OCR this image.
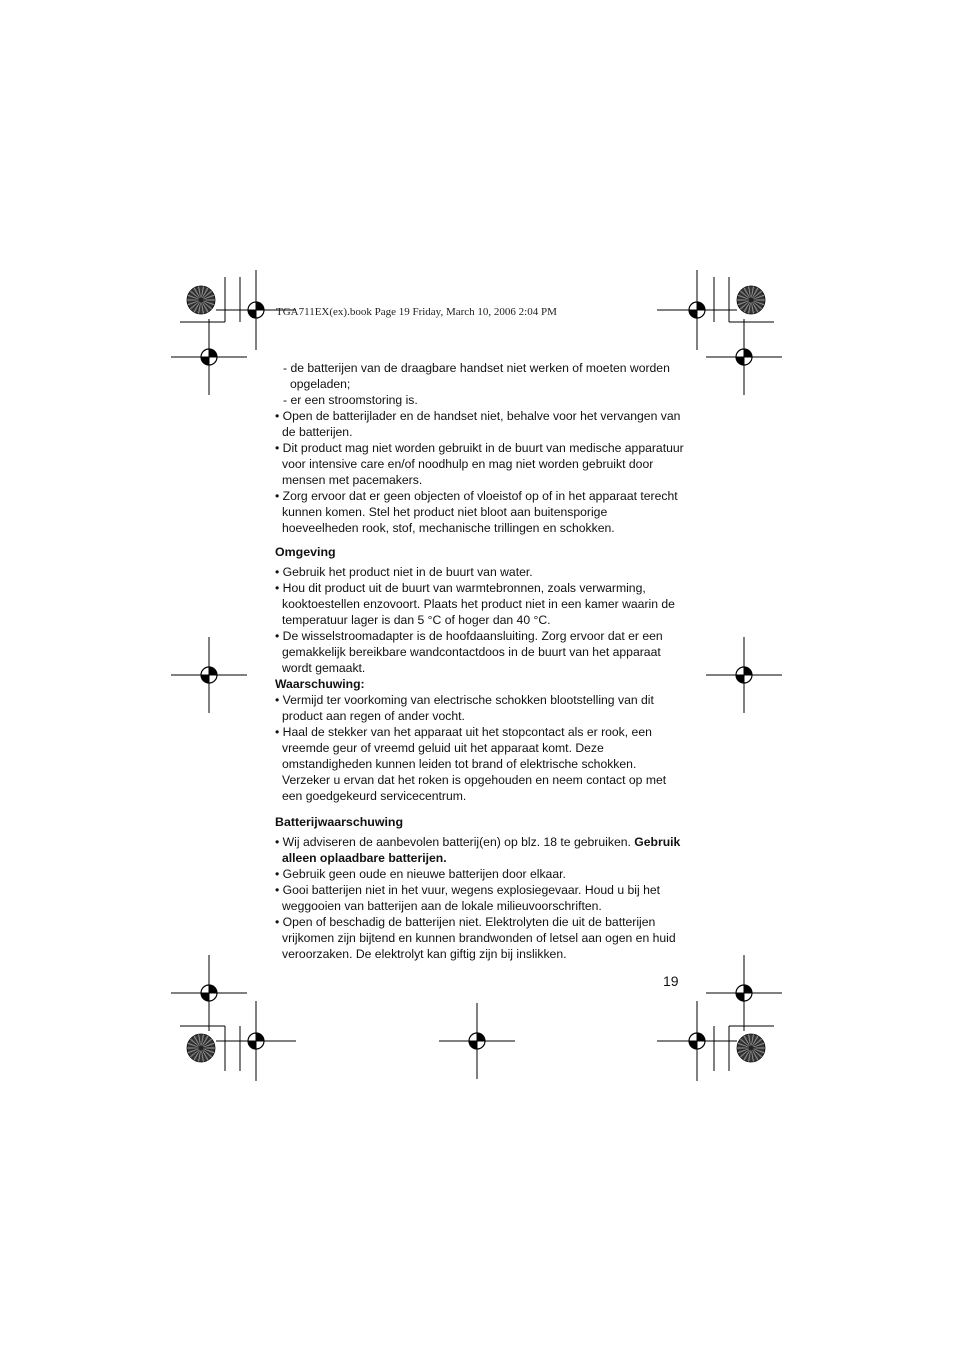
TGA711EX(ex).book Page 19 Friday, March 10, 2006 2:04 PM
- de batterijen van de draagbare handset niet werken of moeten worden opgeladen;
- er een stroomstoring is.
• Open de batterijlader en de handset niet, behalve voor het vervangen van de batterijen.
• Dit product mag niet worden gebruikt in de buurt van medische apparatuur voor intensive care en/of noodhulp en mag niet worden gebruikt door mensen met pacemakers.
• Zorg ervoor dat er geen objecten of vloeistof op of in het apparaat terecht kunnen komen. Stel het product niet bloot aan buitensporige hoeveelheden rook, stof, mechanische trillingen en schokken.
Omgeving
• Gebruik het product niet in de buurt van water.
• Hou dit product uit de buurt van warmtebronnen, zoals verwarming, kooktoestellen enzovoort. Plaats het product niet in een kamer waarin de temperatuur lager is dan 5 °C of hoger dan 40 °C.
• De wisselstroomadapter is de hoofdaansluiting. Zorg ervoor dat er een gemakkelijk bereikbare wandcontactdoos in de buurt van het apparaat wordt gemaakt.
Waarschuwing:
• Vermijd ter voorkoming van electrische schokken blootstelling van dit product aan regen of ander vocht.
• Haal de stekker van het apparaat uit het stopcontact als er rook, een vreemde geur of vreemd geluid uit het apparaat komt. Deze omstandigheden kunnen leiden tot brand of elektrische schokken. Verzeker u ervan dat het roken is opgehouden en neem contact op met een goedgekeurd servicecentrum.
Batterijwaarschuwing
• Wij adviseren de aanbevolen batterij(en) op blz. 18 te gebruiken. Gebruik alleen oplaadbare batterijen.
• Gebruik geen oude en nieuwe batterijen door elkaar.
• Gooi batterijen niet in het vuur, wegens explosiegevaar. Houd u bij het weggooien van batterijen aan de lokale milieuvoorschriften.
• Open of beschadig de batterijen niet. Elektrolyten die uit de batterijen vrijkomen zijn bijtend en kunnen brandwonden of letsel aan ogen en huid veroorzaken. De elektrolyt kan giftig zijn bij inslikken.
19
